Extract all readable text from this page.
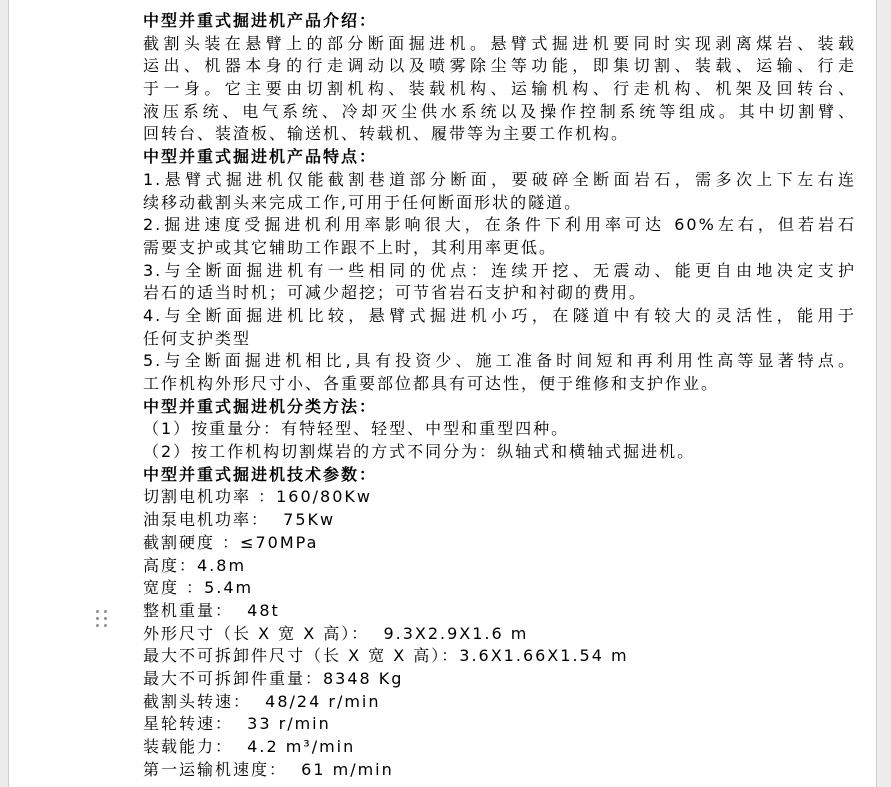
中型并重式掘进机产品介绍：
截割头装在悬臂上的部分断面掘进机。悬臂式掘进机要同时实现剥离煤岩、装载
运出、机器本身的行走调动以及喷雾除尘等功能，即集切割、装载、运输、行走
于一身。它主要由切割机构、装载机构、运输机构、行走机构、机架及回转台、
液压系统、电气系统、冷却灭尘供水系统以及操作控制系统等组成。其中切割臂、
回转台、装渣板、输送机、转载机、履带等为主要工作机构。
中型并重式掘进机产品特点：
1.悬臂式掘进机仅能截割巷道部分断面，要破碎全断面岩石，需多次上下左右连
续移动截割头来完成工作,可用于任何断面形状的隧道。
2.掘进速度受掘进机利用率影响很大，在条件下利用率可达 60%左右，但若岩石
需要支护或其它辅助工作跟不上时，其利用率更低。
3.与全断面掘进机有一些相同的优点：连续开挖、无震动、能更自由地决定支护
岩石的适当时机；可减少超挖；可节省岩石支护和衬砌的费用。
4.与全断面掘进机比较，悬臂式掘进机小巧，在隧道中有较大的灵活性，能用于
任何支护类型
5.与全断面掘进机相比,具有投资少、施工准备时间短和再利用性高等显著特点。
工作机构外形尺寸小、各重要部位都具有可达性，便于维修和支护作业。
中型并重式掘进机分类方法：
（1）按重量分：有特轻型、轻型、中型和重型四种。
（2）按工作机构切割煤岩的方式不同分为：纵轴式和横轴式掘进机。
中型并重式掘进机技术参数：
切割电机功率 ：160/80Kw
油泵电机功率：  75Kw
截割硬度 ：≤70MPa
高度：4.8m
宽度 ：5.4m
整机重量：  48t
外形尺寸（长 X 宽 X 高）：  9.3X2.9X1.6 m
最大不可拆卸件尺寸（长 X 宽 X 高）：3.6X1.66X1.54 m
最大不可拆卸件重量：8348 Kg
截割头转速：  48/24 r/min
星轮转速：  33 r/min
装载能力：  4.2 m³/min
第一运输机速度：  61 m/min
